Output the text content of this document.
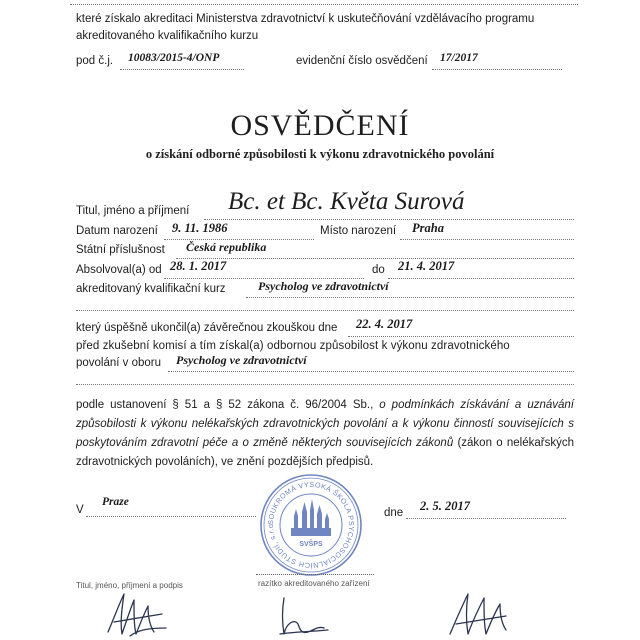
které získalo akreditaci Ministerstva zdravotnictví k uskutečňování vzdělávacího programu
akreditovaného kvalifikačního kurzu
pod č.j. 10083/2015-4/ONP	evidenční číslo osvědčení 17/2017
OSVĚDČENÍ
o získání odborné způsobilosti k výkonu zdravotnického povolání
Titul, jméno a příjmení Bc. et Bc. Květa Surová
Datum narození 9. 11. 1986	Místo narození Praha
Státní příslušnost Česká republika
Absolvoval(a) od 28. 1. 2017	do 21. 4. 2017
akreditovaný kvalifikační kurz	Psycholog ve zdravotnictví
který úspěšně ukončil(a) závěrečnou zkouškou dne 22. 4. 2017
před zkušební komisí a tím získal(a) odbornou způsobilost k výkonu zdravotnického
povolání v oboru Psycholog ve zdravotnictví
podle ustanovení § 51 a § 52 zákona č. 96/2004 Sb., o podmínkách získávání a uznávání způsobilosti k výkonu nelékařských zdravotnických povolání a k výkonu činností souvisejících s poskytováním zdravotní péče a o změně některých souvisejících zákonů (zákon o nelékařských zdravotnických povoláních), ve znění pozdějších předpisů.
V
Praze
dne 2. 5. 2017
SOUKROMÁ VYSOKÁ ŠKOLA PSYCHOSOCIÁLNÍCH STUDIÍ, s.r.o
SVŠPS
Titul, jméno, příjmení a podpis	razítko akreditovaného zařízení
